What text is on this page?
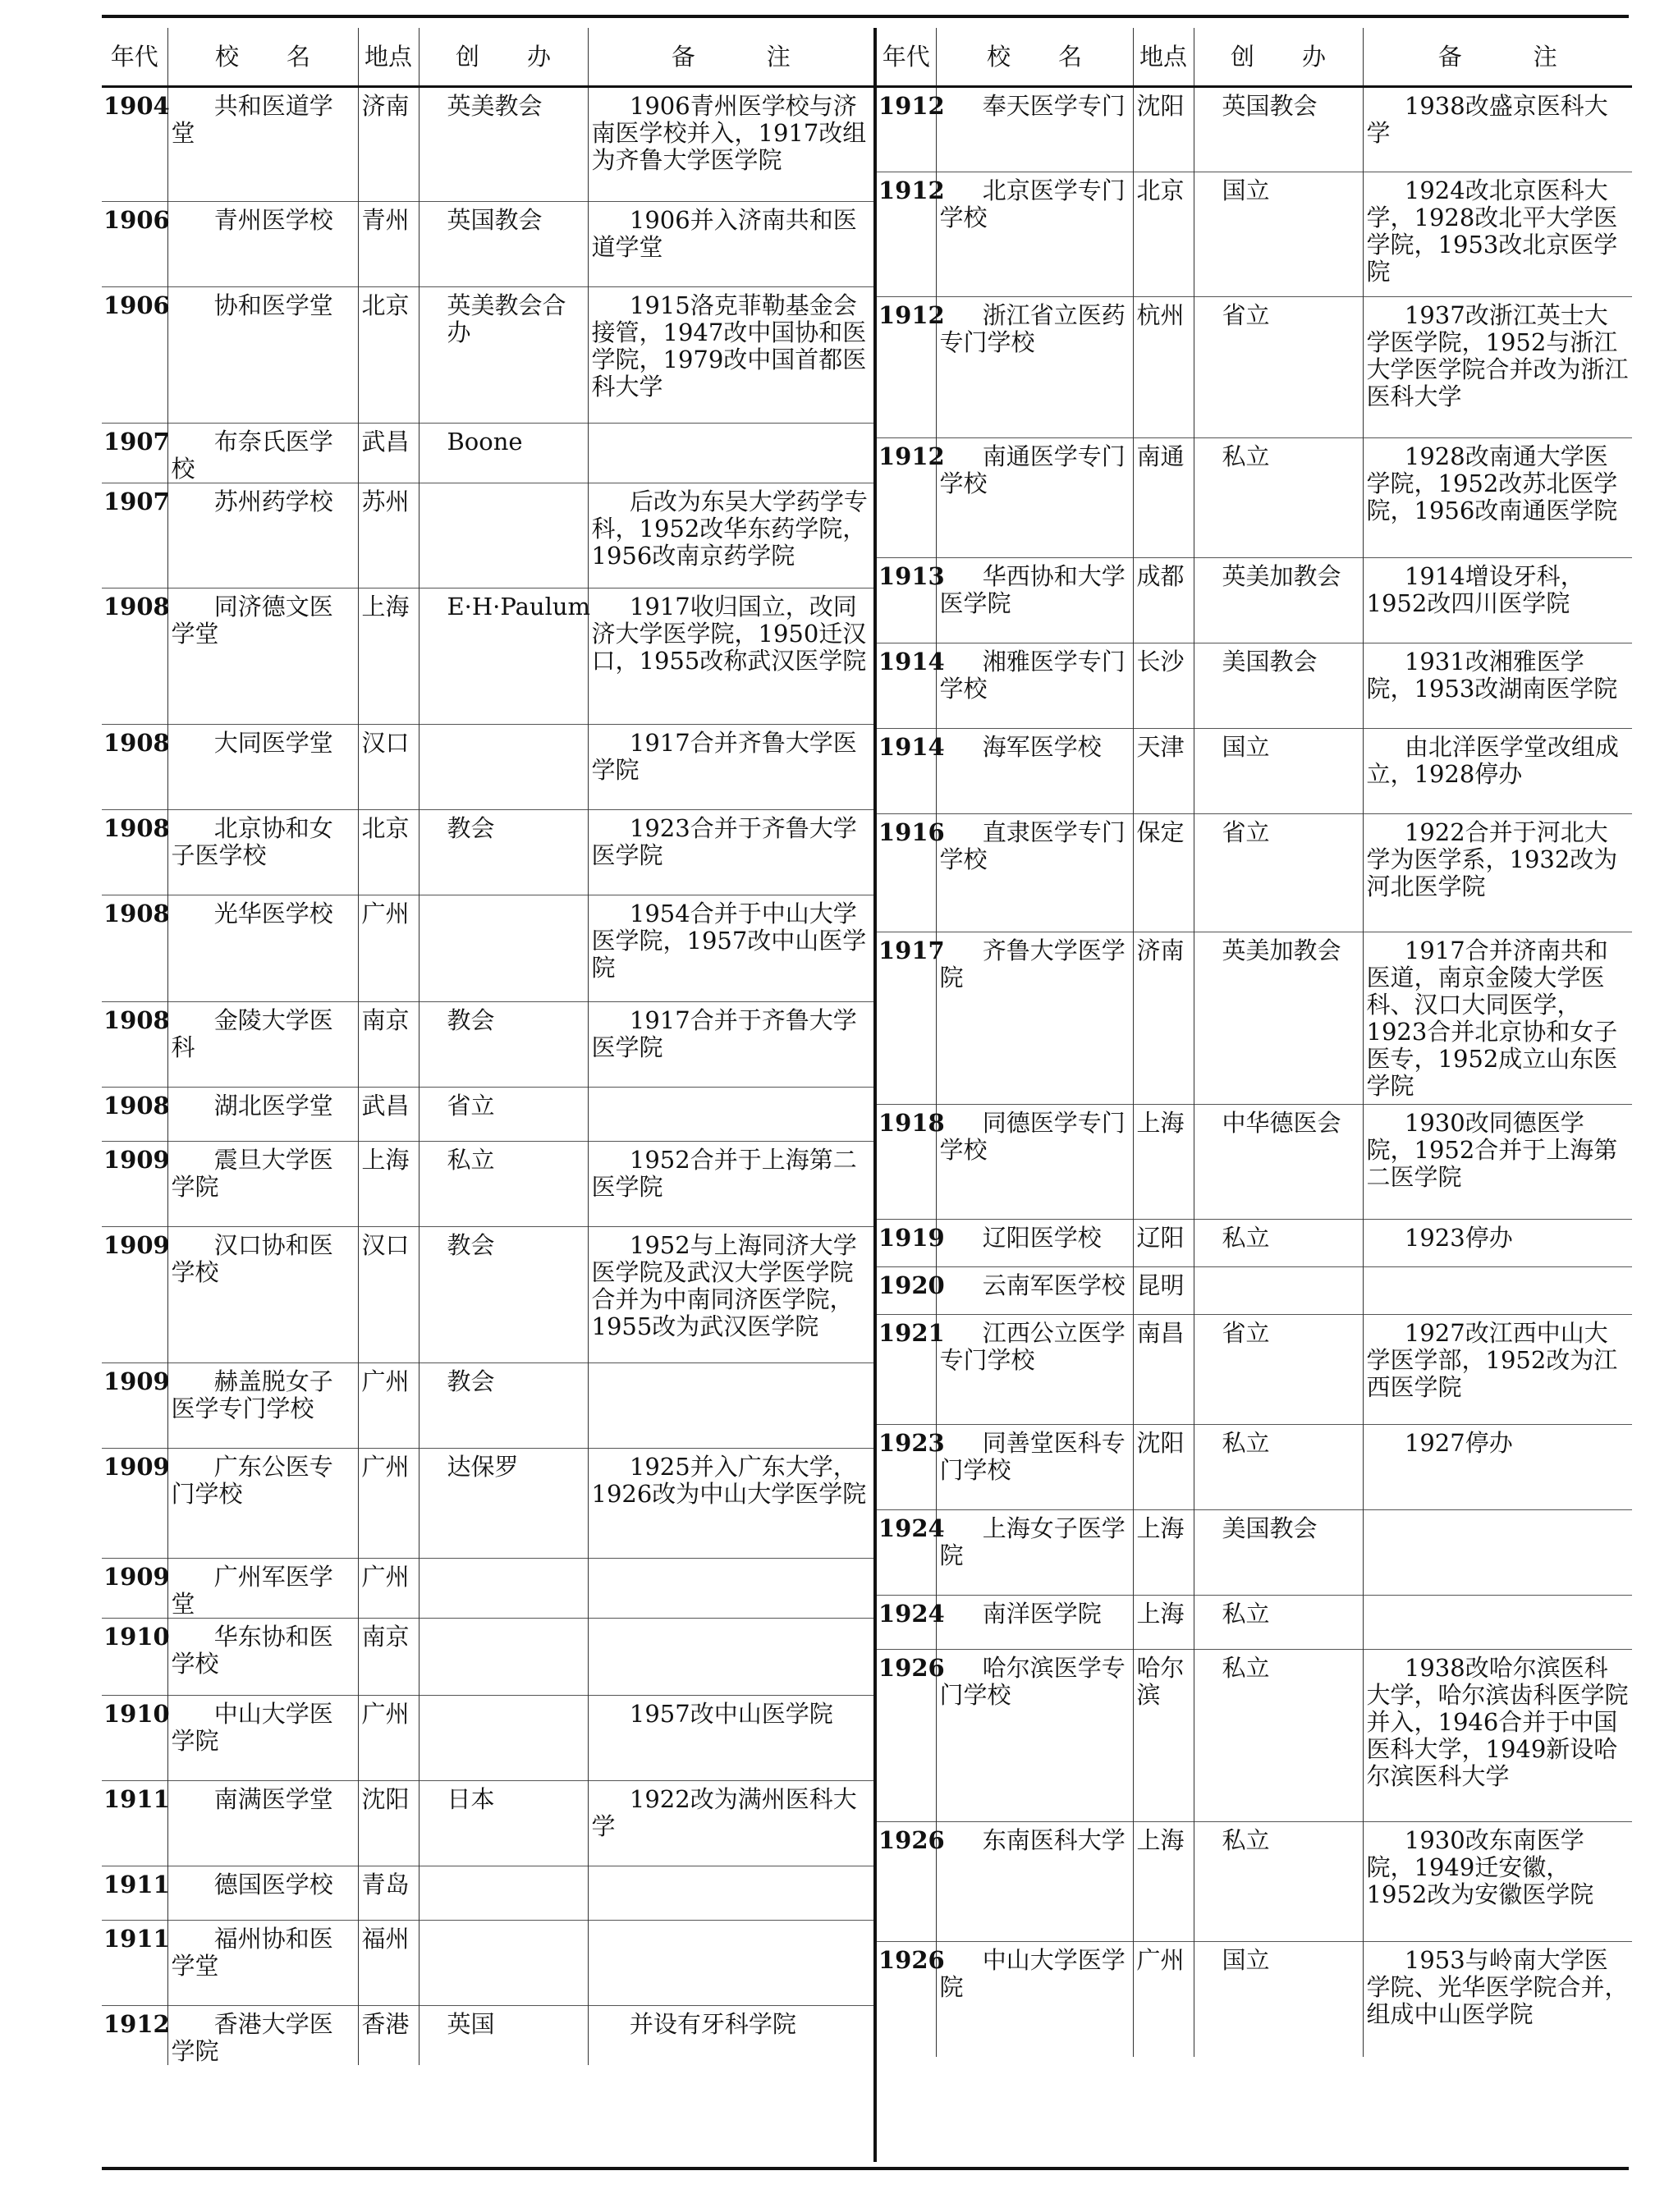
年代	校　　名	地点	创　　办	备　　　注
1904	共和医道学堂	济南	英美教会	1906青州医学校与济南医学校并入，1917改组为齐鲁大学医学院
1906	青州医学校	青州	英国教会	1906并入济南共和医道学堂
1906	协和医学堂	北京	英美教会合办	1915洛克菲勒基金会接管，1947改中国协和医学院，1979改中国首都医科大学
1907	布奈氏医学校	武昌	Boone	
1907	苏州药学校	苏州		后改为东吴大学药学专科，1952改华东药学院，1956改南京药学院
1908	同济德文医学堂	上海	E·H·Paulum	1917收归国立，改同济大学医学院，1950迁汉口，1955改称武汉医学院
1908	大同医学堂	汉口		1917合并齐鲁大学医学院
1908	北京协和女子医学校	北京	教会	1923合并于齐鲁大学医学院
1908	光华医学校	广州		1954合并于中山大学医学院，1957改中山医学院
1908	金陵大学医科	南京	教会	1917合并于齐鲁大学医学院
1908	湖北医学堂	武昌	省立	
1909	震旦大学医学院	上海	私立	1952合并于上海第二医学院
1909	汉口协和医学校	汉口	教会	1952与上海同济大学医学院及武汉大学医学院合并为中南同济医学院，1955改为武汉医学院
1909	赫盖脱女子医学专门学校	广州	教会	
1909	广东公医专门学校	广州	达保罗	1925并入广东大学，1926改为中山大学医学院
1909	广州军医学堂	广州		
1910	华东协和医学校	南京		
1910	中山大学医学院	广州		1957改中山医学院
1911	南满医学堂	沈阳	日本	1922改为满州医科大学
1911	德国医学校	青岛		
1911	福州协和医学堂	福州		
1912	香港大学医学院	香港	英国	并设有牙科学院
年代	校　　名	地点	创　　办	备　　　注
1912	奉天医学专门	沈阳	英国教会	1938改盛京医科大学
1912	北京医学专门学校	北京	国立	1924改北京医科大学，1928改北平大学医学院，1953改北京医学院
1912	浙江省立医药专门学校	杭州	省立	1937改浙江英士大学医学院，1952与浙江大学医学院合并改为浙江医科大学
1912	南通医学专门学校	南通	私立	1928改南通大学医学院，1952改苏北医学院，1956改南通医学院
1913	华西协和大学医学院	成都	英美加教会	1914增设牙科，1952改四川医学院
1914	湘雅医学专门学校	长沙	美国教会	1931改湘雅医学院，1953改湖南医学院
1914	海军医学校	天津	国立	由北洋医学堂改组成立，1928停办
1916	直隶医学专门学校	保定	省立	1922合并于河北大学为医学系，1932改为河北医学院
1917	齐鲁大学医学院	济南	英美加教会	1917合并济南共和医道，南京金陵大学医科、汉口大同医学，1923合并北京协和女子医专，1952成立山东医学院
1918	同德医学专门学校	上海	中华德医会	1930改同德医学院，1952合并于上海第二医学院
1919	辽阳医学校	辽阳	私立	1923停办
1920	云南军医学校	昆明		
1921	江西公立医学专门学校	南昌	省立	1927改江西中山大学医学部，1952改为江西医学院
1923	同善堂医科专门学校	沈阳	私立	1927停办
1924	上海女子医学院	上海	美国教会	
1924	南洋医学院	上海	私立	
1926	哈尔滨医学专门学校	哈尔滨	私立	1938改哈尔滨医科大学，哈尔滨齿科医学院并入，1946合并于中国医科大学，1949新设哈尔滨医科大学
1926	东南医科大学	上海	私立	1930改东南医学院，1949迁安徽，1952改为安徽医学院
1926	中山大学医学院	广州	国立	1953与岭南大学医学院、光华医学院合并，组成中山医学院
